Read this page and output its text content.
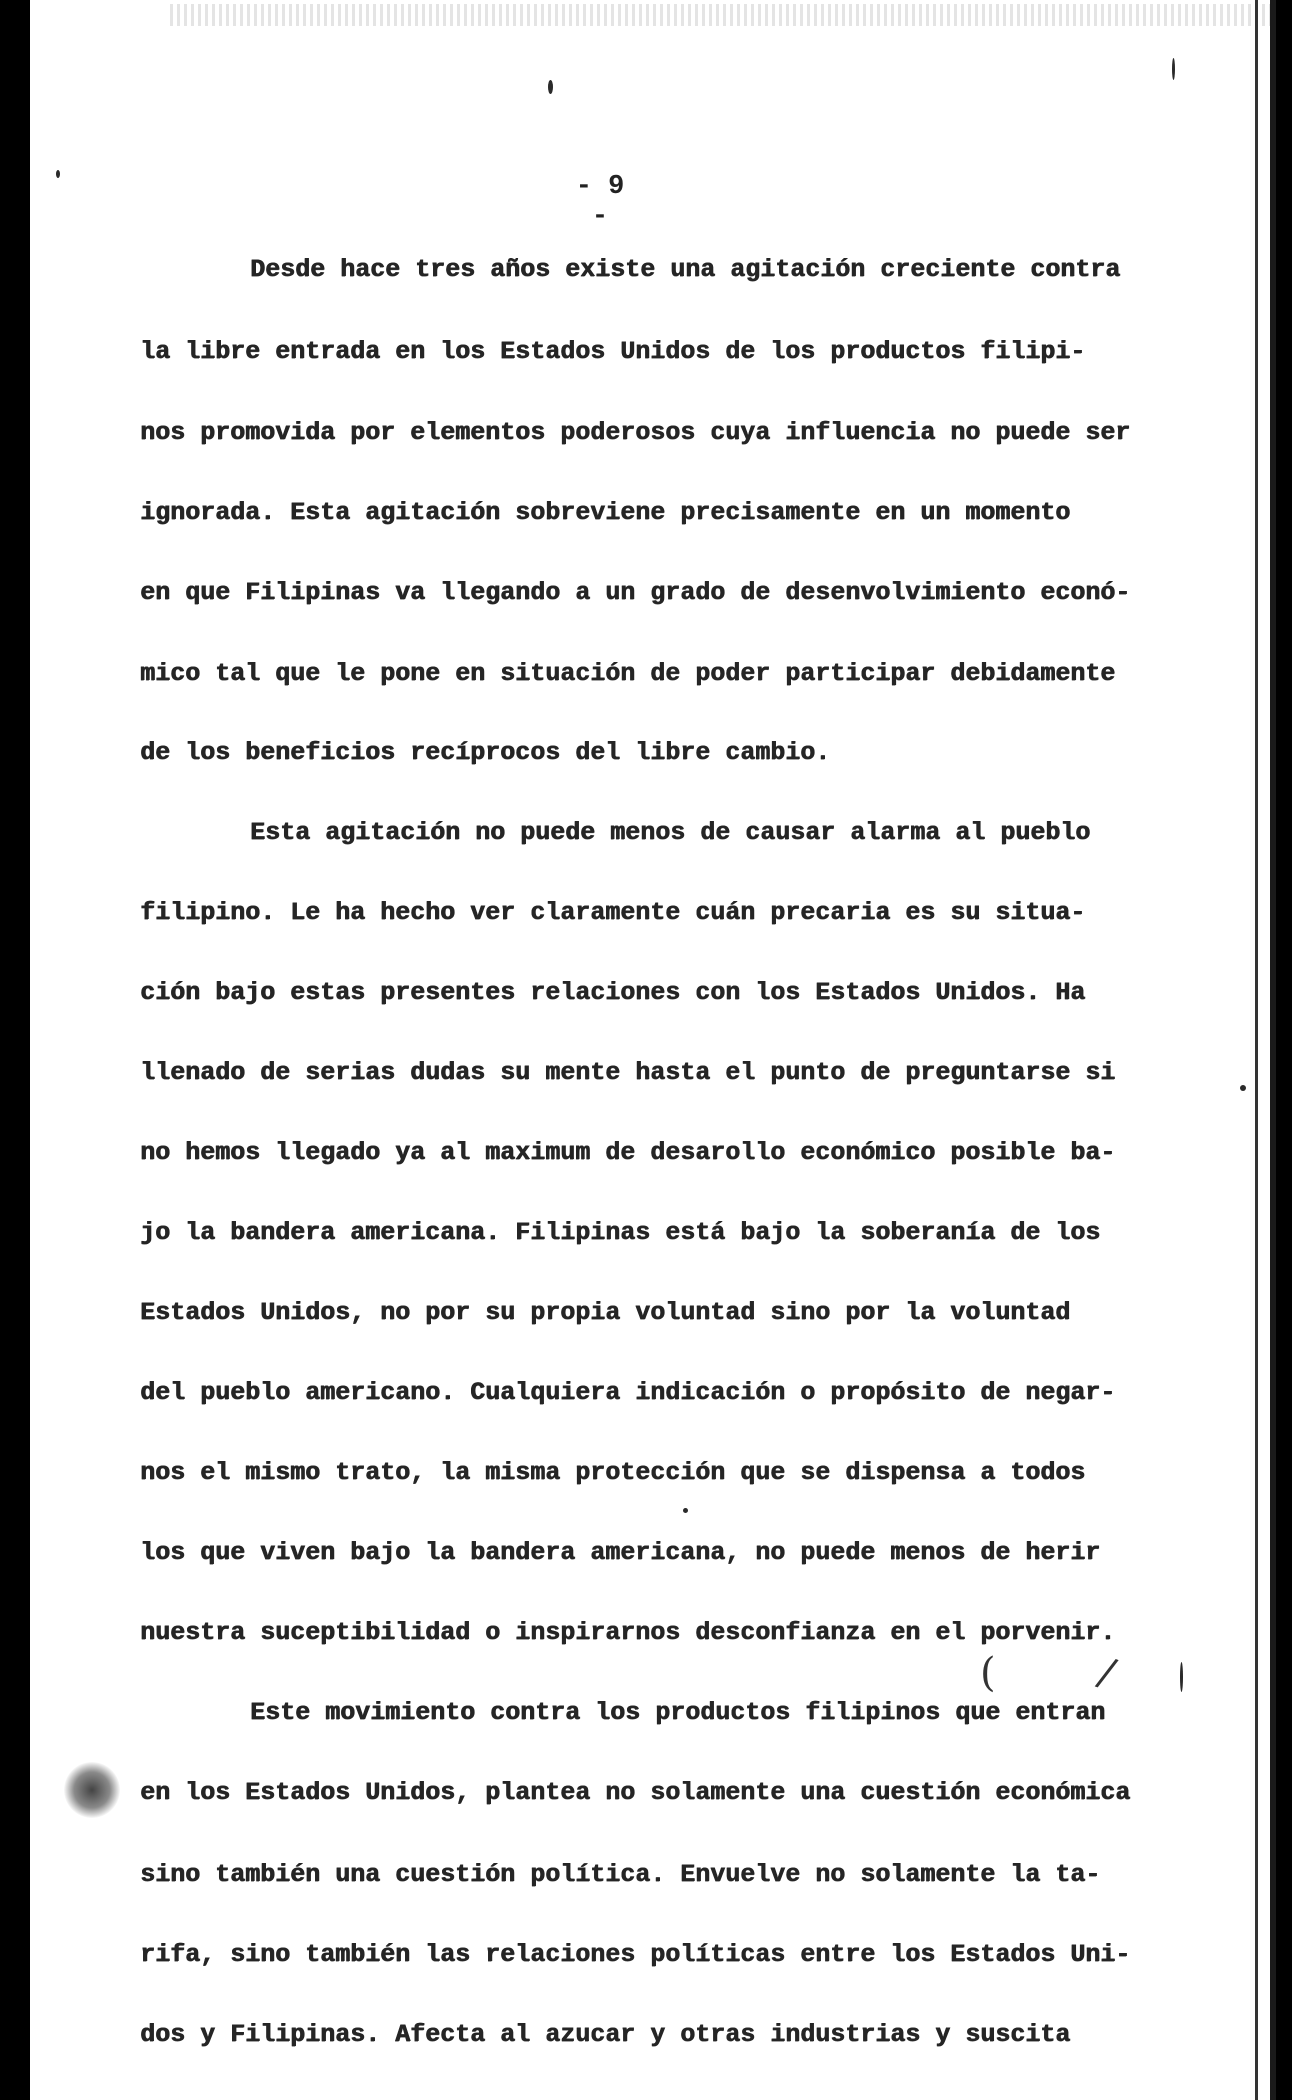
- 9 -
Desde hace tres años existe una agitación creciente contra
la libre entrada en los Estados Unidos de los productos filipi-
nos promovida por elementos poderosos cuya influencia no puede ser
ignorada. Esta agitación sobreviene precisamente en un momento
en que Filipinas va llegando a un grado de desenvolvimiento econó-
mico tal que le pone en situación de poder participar debidamente
de los beneficios recíprocos del libre cambio.
Esta agitación no puede menos de causar alarma al pueblo
filipino. Le ha hecho ver claramente cuán precaria es su situa-
ción bajo estas presentes relaciones con los Estados Unidos. Ha
llenado de serias dudas su mente hasta el punto de preguntarse si
no hemos llegado ya al maximum de desarollo económico posible ba-
jo la bandera americana. Filipinas está bajo la soberanía de los
Estados Unidos, no por su propia voluntad sino por la voluntad
del pueblo americano. Cualquiera indicación o propósito de negar-
nos el mismo trato, la misma protección que se dispensa a todos
los que viven bajo la bandera americana, no puede menos de herir
nuestra suceptibilidad o inspirarnos desconfianza en el porvenir.
Este movimiento contra los productos filipinos que entran
en los Estados Unidos, plantea no solamente una cuestión económica
sino también una cuestión política. Envuelve no solamente la ta-
rifa, sino también las relaciones políticas entre los Estados Uni-
dos y Filipinas. Afecta al azucar y otras industrias y suscita
( /
